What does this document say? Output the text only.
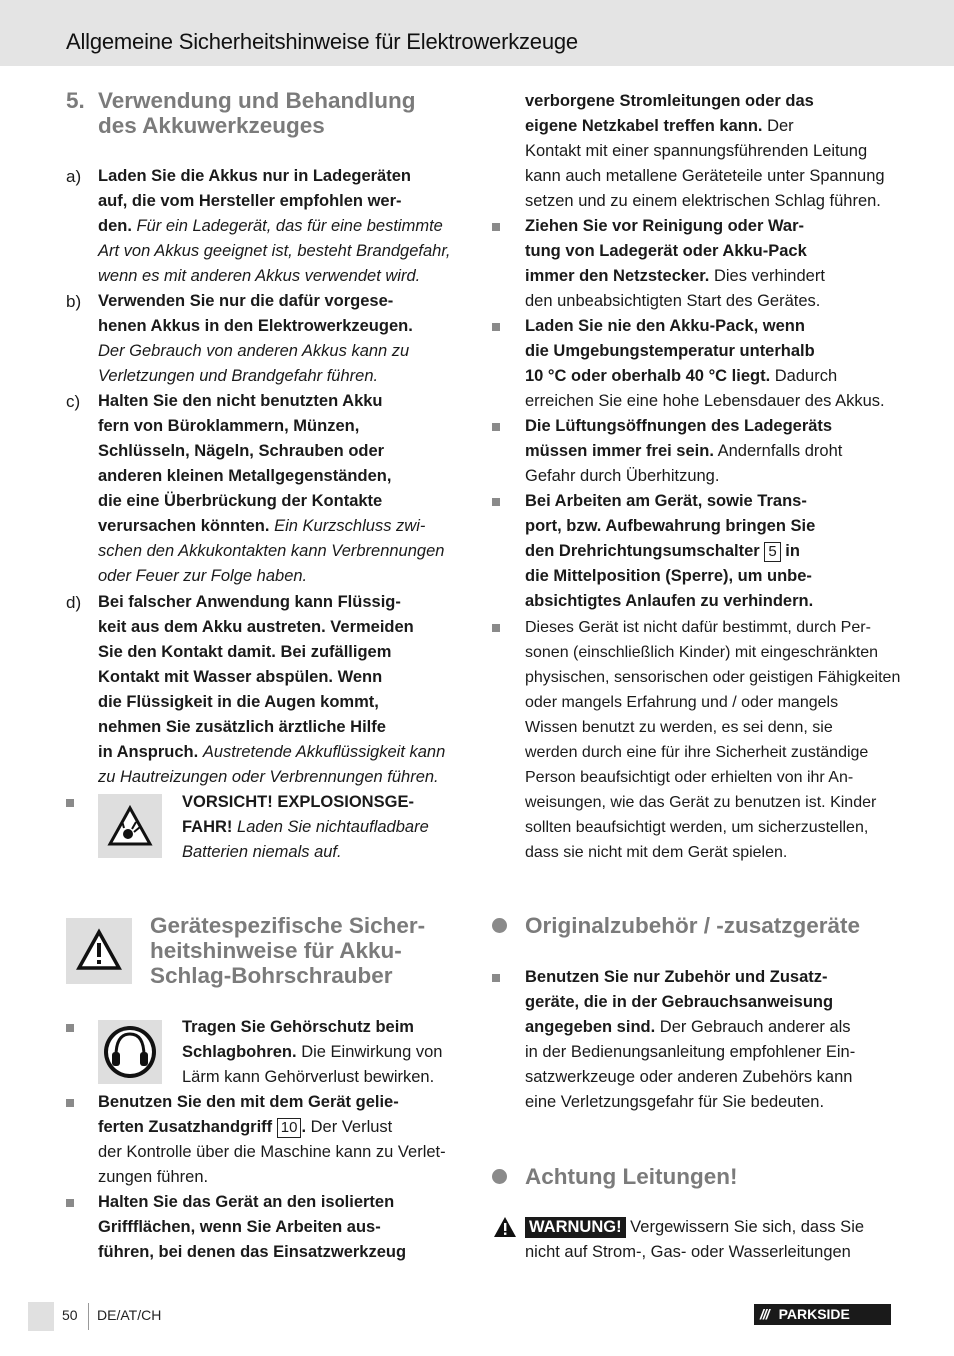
Allgemeine Sicherheitshinweise für Elektrowerkzeuge
5. Verwendung und Behandlung
des Akkuwerkzeuges
a) Laden Sie die Akkus nur in Ladegeräten
auf, die vom Hersteller empfohlen wer-
den. Für ein Ladegerät, das für eine bestimmte
Art von Akkus geeignet ist, besteht Brandgefahr,
wenn es mit anderen Akkus verwendet wird.
b) Verwenden Sie nur die dafür vorgese-
henen Akkus in den Elektrowerkzeugen.
Der Gebrauch von anderen Akkus kann zu
Verletzungen und Brandgefahr führen.
c) Halten Sie den nicht benutzten Akku
fern von Büroklammern, Münzen,
Schlüsseln, Nägeln, Schrauben oder
anderen kleinen Metallgegenständen,
die eine Überbrückung der Kontakte
verursachen könnten. Ein Kurzschluss zwi-
schen den Akkukontakten kann Verbrennungen
oder Feuer zur Folge haben.
d) Bei falscher Anwendung kann Flüssig-
keit aus dem Akku austreten. Vermeiden
Sie den Kontakt damit. Bei zufälligem
Kontakt mit Wasser abspülen. Wenn
die Flüssigkeit in die Augen kommt,
nehmen Sie zusätzlich ärztliche Hilfe
in Anspruch. Austretende Akkuflüssigkeit kann
zu Hautreizungen oder Verbrennungen führen.
VORSICHT! EXPLOSIONSGE-
FAHR! Laden Sie nichtaufladbare
Batterien niemals auf.
Gerätespezifische Sicher-
heitshinweise für Akku-
Schlag-Bohrschrauber
Tragen Sie Gehörschutz beim
Schlagbohren. Die Einwirkung von
Lärm kann Gehörverlust bewirken.
Benutzen Sie den mit dem Gerät gelie-
ferten Zusatzhandgriff 10 . Der Verlust
der Kontrolle über die Maschine kann zu Verlet-
zungen führen.
Halten Sie das Gerät an den isolierten
Griffflächen, wenn Sie Arbeiten aus-
führen, bei denen das Einsatzwerkzeug
verborgene Stromleitungen oder das
eigene Netzkabel treffen kann. Der
Kontakt mit einer spannungsführenden Leitung
kann auch metallene Geräteteile unter Spannung
setzen und zu einem elektrischen Schlag führen.
Ziehen Sie vor Reinigung oder War-
tung von Ladegerät oder Akku-Pack
immer den Netzstecker. Dies verhindert
den unbeabsichtigten Start des Gerätes.
Laden Sie nie den Akku-Pack, wenn
die Umgebungstemperatur unterhalb
10 °C oder oberhalb 40 °C liegt. Dadurch
erreichen Sie eine hohe Lebensdauer des Akkus.
Die Lüftungsöffnungen des Ladegeräts
müssen immer frei sein. Andernfalls droht
Gefahr durch Überhitzung.
Bei Arbeiten am Gerät, sowie Trans-
port, bzw. Aufbewahrung bringen Sie
den Drehrichtungsumschalter 5 in
die Mittelposition (Sperre), um unbe-
absichtigtes Anlaufen zu verhindern.
Dieses Gerät ist nicht dafür bestimmt, durch Per-
sonen (einschließlich Kinder) mit eingeschränkten
physischen, sensorischen oder geistigen Fähigkeiten
oder mangels Erfahrung und / oder mangels
Wissen benutzt zu werden, es sei denn, sie
werden durch eine für ihre Sicherheit zuständige
Person beaufsichtigt oder erhielten von ihr An-
weisungen, wie das Gerät zu benutzen ist. Kinder
sollten beaufsichtigt werden, um sicherzustellen,
dass sie nicht mit dem Gerät spielen.
Originalzubehör / -zusatzgeräte
Benutzen Sie nur Zubehör und Zusatz-
geräte, die in der Gebrauchsanweisung
angegeben sind. Der Gebrauch anderer als
in der Bedienungsanleitung empfohlener Ein-
satzwerkzeuge oder anderen Zubehörs kann
eine Verletzungsgefahr für Sie bedeuten.
Achtung Leitungen!
WARNUNG! Vergewissern Sie sich, dass Sie
nicht auf Strom-, Gas- oder Wasserleitungen
50 DE/AT/CH	/// PARKSIDE
